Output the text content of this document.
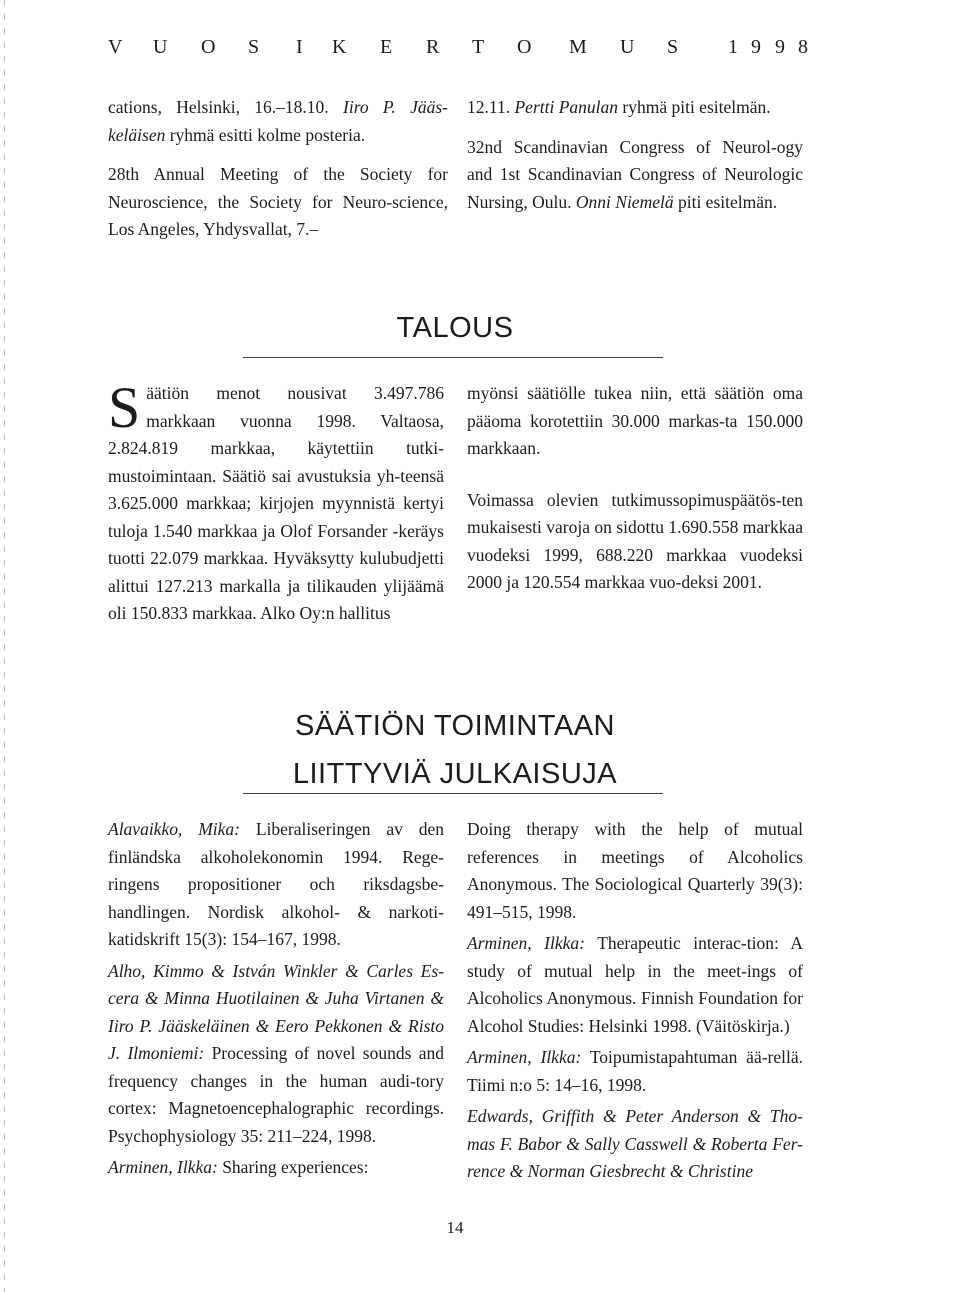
V U O S I K E R T O M U S 1 9 9 8

cations, Helsinki, 16.–18.10. Iiro P. Jääs-keläisen ryhmä esitti kolme posteria.

28th Annual Meeting of the Society for Neuroscience, the Society for Neuro-science, Los Angeles, Yhdysvallat, 7.–

12.11. Pertti Panulan ryhmä piti esitelmän.

32nd Scandinavian Congress of Neurol-ogy and 1st Scandinavian Congress of Neurologic Nursing, Oulu. Onni Niemelä piti esitelmän.

TALOUS

Säätiön menot nousivat 3.497.786 markkaan vuonna 1998. Valtaosa, 2.824.819 markkaa, käytettiin tutki-mustoimintaan. Säätiö sai avustuksia yh-teensä 3.625.000 markkaa; kirjojen myynnistä kertyi tuloja 1.540 markkaa ja Olof Forsander -keräys tuotti 22.079 markkaa. Hyväksytty kulubudjetti alittui 127.213 markalla ja tilikauden ylijäämä oli 150.833 markkaa. Alko Oy:n hallitus

myönsi säätiölle tukea niin, että säätiön oma pääoma korotettiin 30.000 markas-ta 150.000 markkaan.

Voimassa olevien tutkimussopimuspäätös-ten mukaisesti varoja on sidottu 1.690.558 markkaa vuodeksi 1999, 688.220 markkaa vuodeksi 2000 ja 120.554 markkaa vuo-deksi 2001.

SÄÄTIÖN TOIMINTAAN
LIITTYVIÄ JULKAISUJA

Alavaikko, Mika: Liberaliseringen av den finländska alkoholekonomin 1994. Rege-ringens propositioner och riksdagsbe-handlingen. Nordisk alkohol- & narkoti-katidskrift 15(3): 154–167, 1998.

Alho, Kimmo & István Winkler & Carles Es-cera & Minna Huotilainen & Juha Virtanen & Iiro P. Jääskeläinen & Eero Pekkonen & Risto J. Ilmoniemi: Processing of novel sounds and frequency changes in the human audi-tory cortex: Magnetoencephalographic recordings. Psychophysiology 35: 211–224, 1998.

Arminen, Ilkka: Sharing experiences:

Doing therapy with the help of mutual references in meetings of Alcoholics Anonymous. The Sociological Quarterly 39(3): 491–515, 1998.

Arminen, Ilkka: Therapeutic interac-tion: A study of mutual help in the meet-ings of Alcoholics Anonymous. Finnish Foundation for Alcohol Studies: Helsinki 1998. (Väitöskirja.)

Arminen, Ilkka: Toipumistapahtuman ää-rellä. Tiimi n:o 5: 14–16, 1998.

Edwards, Griffith & Peter Anderson & Tho-mas F. Babor & Sally Casswell & Roberta Fer-rence & Norman Giesbrecht & Christine

14
